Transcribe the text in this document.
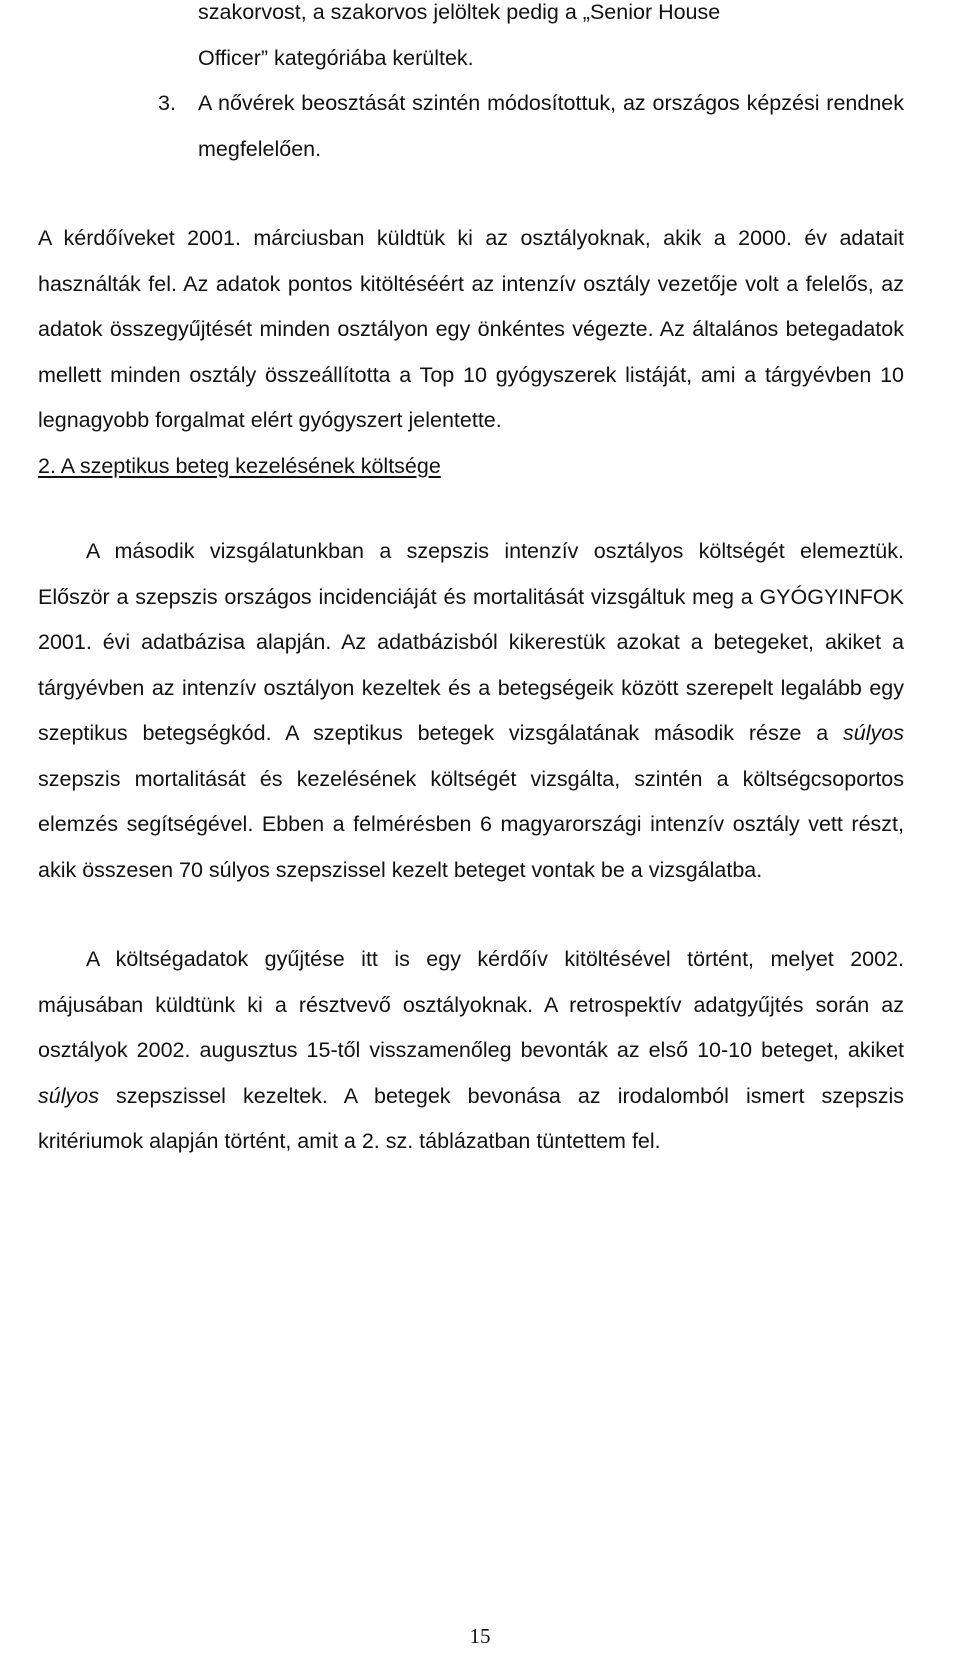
szakorvost, a szakorvos jelöltek pedig a „Senior House
Officer” kategóriába kerültek.

3. A nővérek beosztását szintén módosítottuk, az országos képzési rendnek megfelelően.

A kérdőíveket 2001. márciusban küldtük ki az osztályoknak, akik a 2000. év adatait használták fel. Az adatok pontos kitöltéséért az intenzív osztály vezetője volt a felelős, az adatok összegyűjtését minden osztályon egy önkéntes végezte. Az általános betegadatok mellett minden osztály összeállította a Top 10 gyógyszerek listáját, ami a tárgyévben 10 legnagyobb forgalmat elért gyógyszert jelentette.

2. A szeptikus beteg kezelésének költsége

A második vizsgálatunkban a szepszis intenzív osztályos költségét elemeztük. Először a szepszis országos incidenciáját és mortalitását vizsgáltuk meg a GYÓGYINFOK 2001. évi adatbázisa alapján. Az adatbázisból kikerestük azokat a betegeket, akiket a tárgyévben az intenzív osztályon kezeltek és a betegségeik között szerepelt legalább egy szeptikus betegségkód. A szeptikus betegek vizsgálatának második része a súlyos szepszis mortalitását és kezelésének költségét vizsgálta, szintén a költségcsoportos elemzés segítségével. Ebben a felmérésben 6 magyarországi intenzív osztály vett részt, akik összesen 70 súlyos szepszissel kezelt beteget vontak be a vizsgálatba.

A költségadatok gyűjtése itt is egy kérdőív kitöltésével történt, melyet 2002. májusában küldtünk ki a résztvevő osztályoknak. A retrospektív adatgyűjtés során az osztályok 2002. augusztus 15-től visszamenőleg bevonták az első 10-10 beteget, akiket súlyos szepszissel kezeltek. A betegek bevonása az irodalomból ismert szepszis kritériumok alapján történt, amit a 2. sz. táblázatban tüntettem fel.

15
